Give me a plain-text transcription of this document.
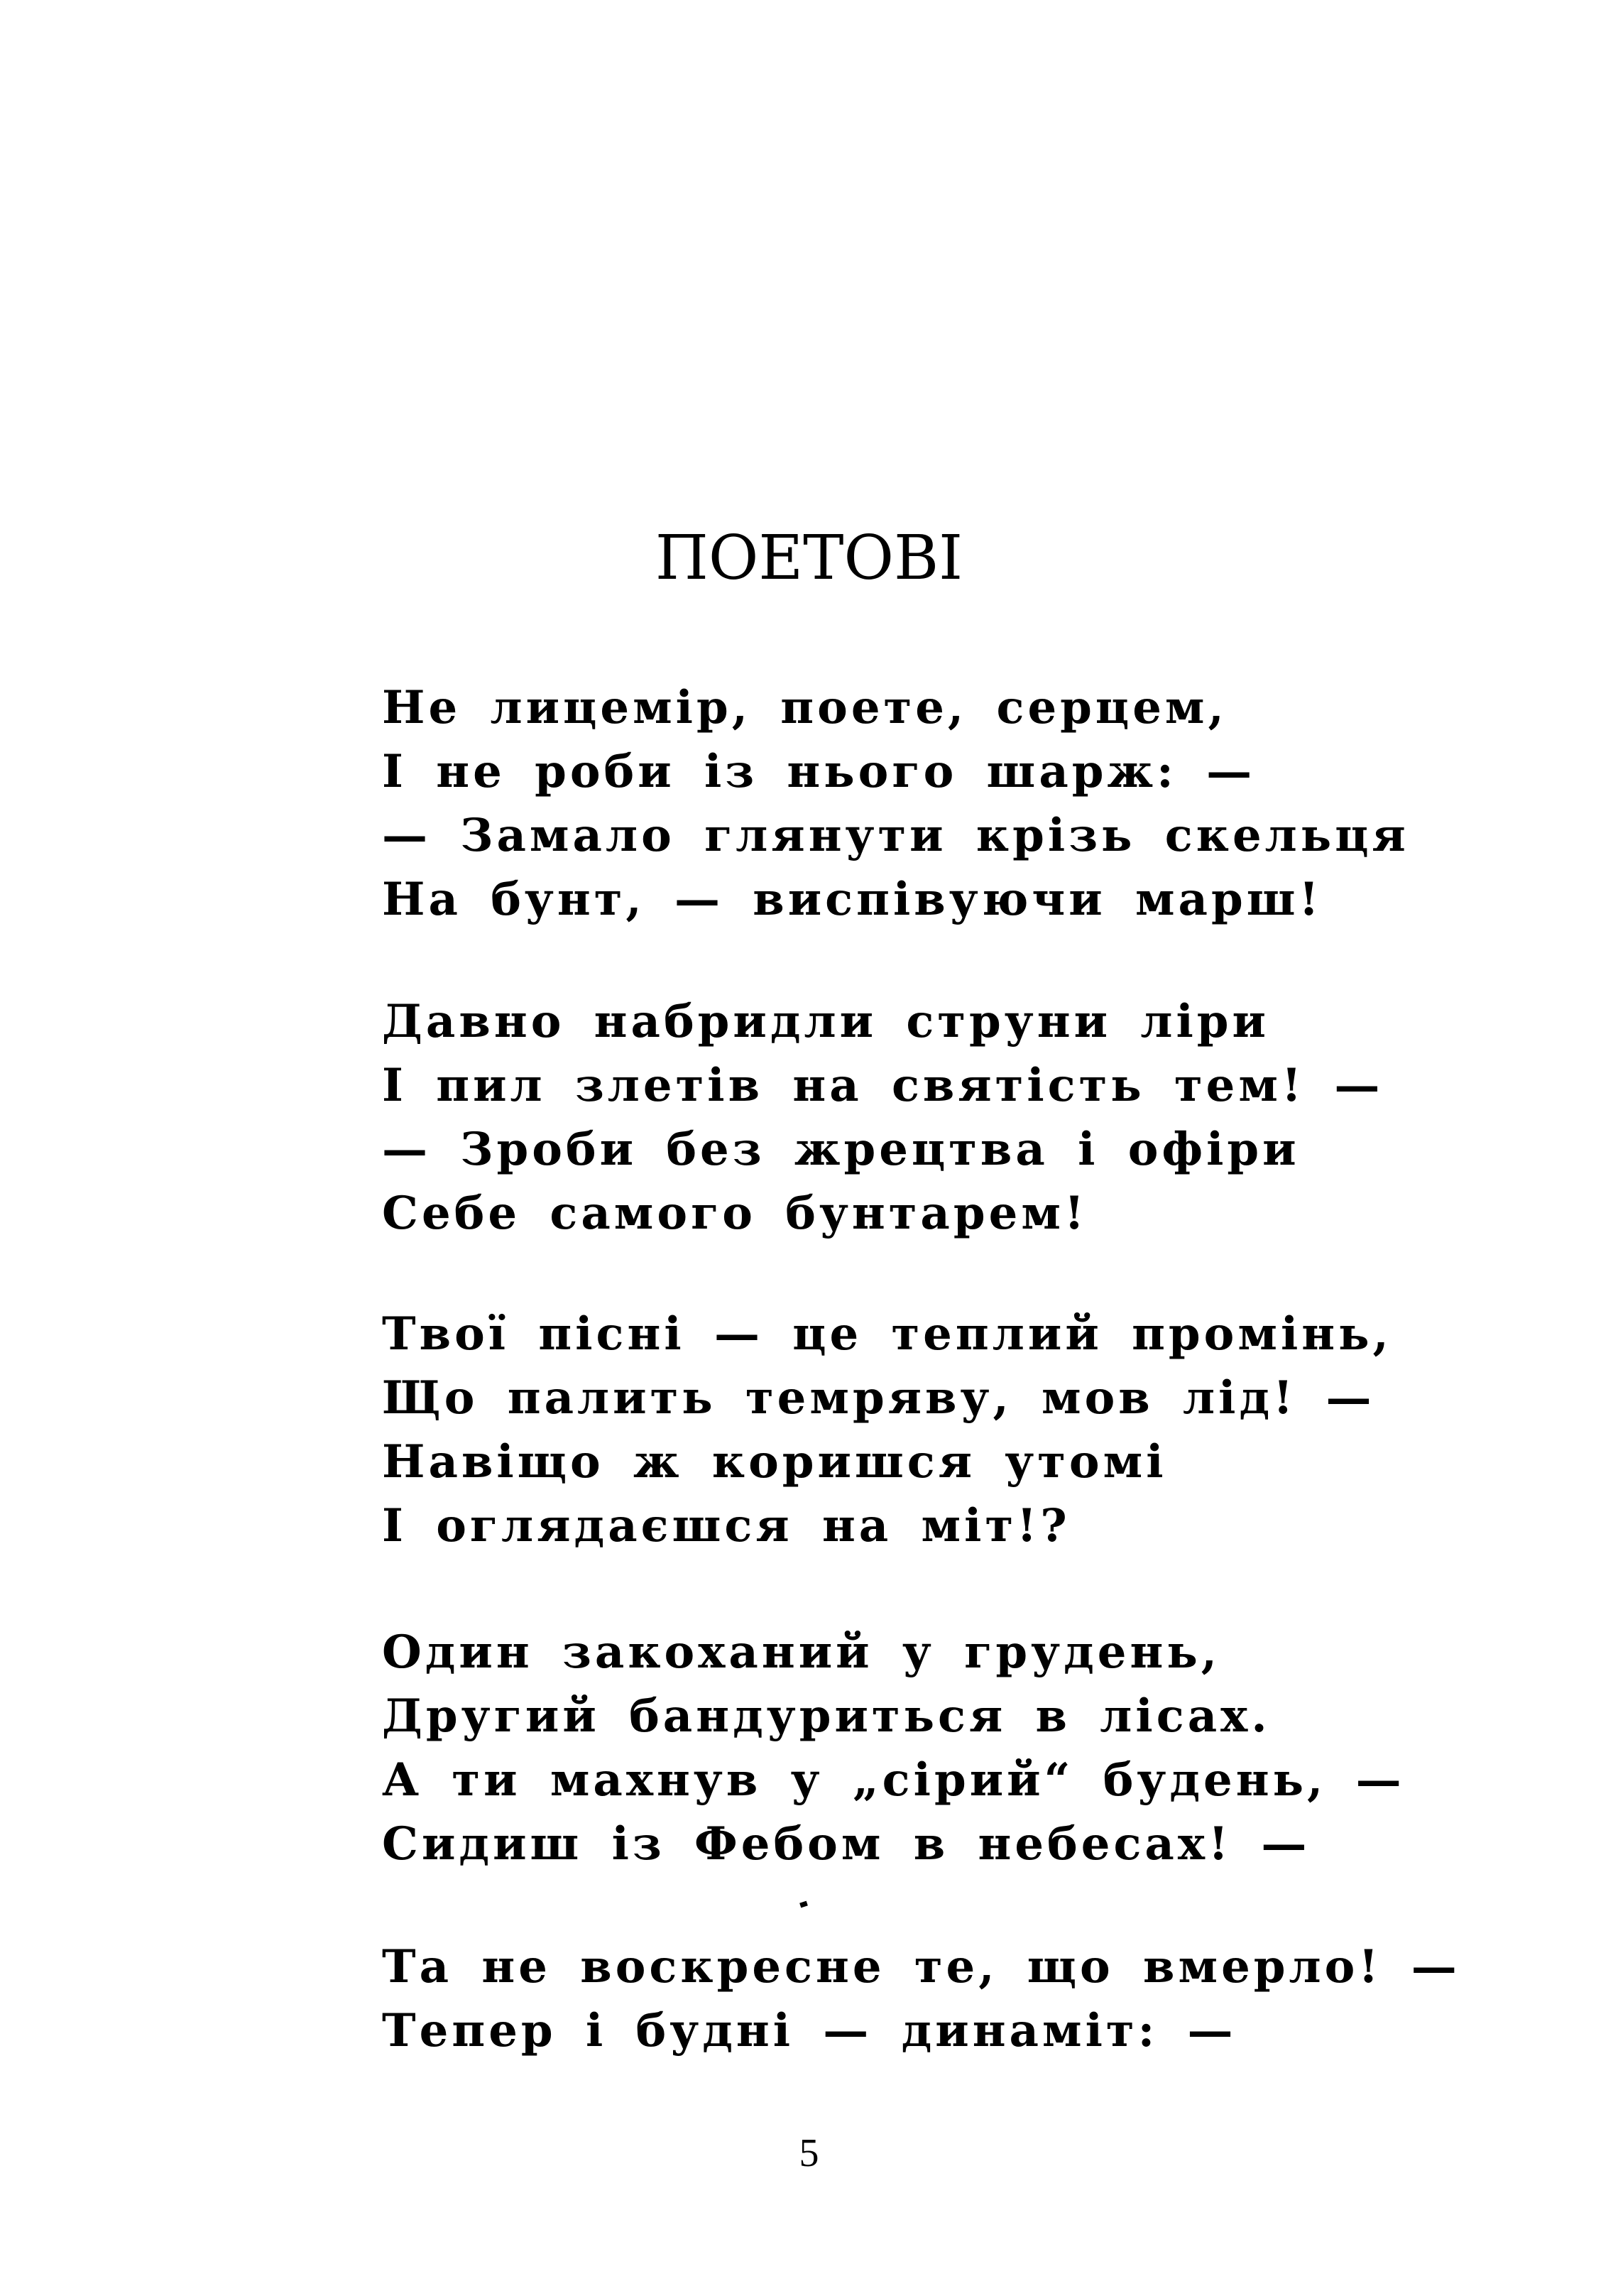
ПОЕТОВІ
Не лицемір, поете, серцем,
І не роби із нього шарж: —
— Замало глянути крізь скельця
На бунт, — виспівуючи марш!
Давно набридли струни ліри
І пил злетів на святість тем! —
— Зроби без жрецтва і офіри
Себе самого бунтарем!
Твої пісні — це теплий промінь,
Що палить темряву, мов лід! —
Навіщо ж коришся утомі
І оглядаєшся на міт!?
Один закоханий у грудень,
Другий бандуриться в лісах.
А ти махнув у „сірий“ будень, —
Сидиш із Фебом в небесах! —
Та не воскресне те, що вмерло! —
Тепер і будні — динаміт: —
5
